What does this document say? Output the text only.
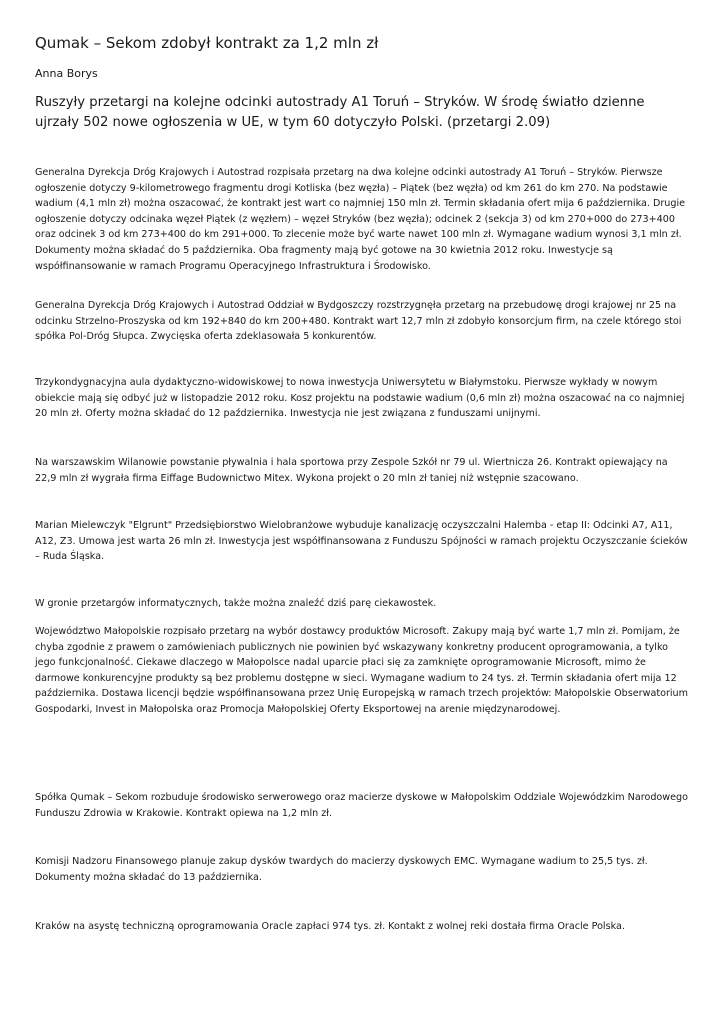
Qumak – Sekom zdobył kontrakt za 1,2 mln zł
Anna Borys
Ruszyły przetargi na kolejne odcinki autostrady A1 Toruń – Stryków. W środę światło dzienne ujrzały 502 nowe ogłoszenia w UE, w tym 60 dotyczyło Polski. (przetargi 2.09)
Generalna Dyrekcja Dróg Krajowych i Autostrad rozpisała przetarg na dwa kolejne odcinki autostrady A1 Toruń – Stryków. Pierwsze ogłoszenie dotyczy 9-kilometrowego fragmentu drogi Kotliska (bez węzła) – Piątek (bez węzła) od km 261 do km 270. Na podstawie wadium (4,1 mln zł) można oszacować, że kontrakt jest wart co najmniej 150 mln zł. Termin składania ofert mija 6 października. Drugie ogłoszenie dotyczy odcinaka węzeł Piątek (z węzłem) – węzeł Stryków (bez węzła); odcinek 2 (sekcja 3) od km 270+000 do 273+400 oraz odcinek 3 od km 273+400 do km 291+000. To zlecenie może być warte nawet 100 mln zł. Wymagane wadium wynosi 3,1 mln zł. Dokumenty można składać do 5 października. Oba fragmenty mają być gotowe na 30 kwietnia 2012 roku. Inwestycje są współfinansowanie w ramach Programu Operacyjnego Infrastruktura i Środowisko.
Generalna Dyrekcja Dróg Krajowych i Autostrad Oddział w Bydgoszczy rozstrzygnęła przetarg na przebudowę drogi krajowej nr 25 na odcinku Strzelno-Proszyska od km 192+840 do km 200+480. Kontrakt wart 12,7 mln zł zdobyło konsorcjum firm, na czele którego stoi spółka Pol-Dróg Słupca. Zwycięska oferta zdeklasowała 5 konkurentów.
Trzykondygnacyjna aula dydaktyczno-widowiskowej to nowa inwestycja Uniwersytetu w Białymstoku. Pierwsze wykłady w nowym obiekcie mają się odbyć już w listopadzie 2012 roku. Kosz projektu na podstawie wadium (0,6 mln zł) można oszacować na co najmniej 20 mln zł. Oferty można składać do 12 października. Inwestycja nie jest związana z funduszami unijnymi.
Na warszawskim Wilanowie powstanie pływalnia i hala sportowa przy Zespole Szkół nr 79 ul. Wiertnicza 26. Kontrakt opiewający na 22,9 mln zł wygrała firma Eiffage Budownictwo Mitex. Wykona projekt o 20 mln zł taniej niż wstępnie szacowano.
Marian Mielewczyk "Elgrunt" Przedsiębiorstwo Wielobranżowe wybuduje kanalizację oczyszczalni Halemba - etap II: Odcinki A7, A11, A12, Z3. Umowa jest warta 26 mln zł. Inwestycja jest współfinansowana z Funduszu Spójności w ramach projektu Oczyszczanie ścieków – Ruda Śląska.
W gronie przetargów informatycznych, także można znaleźć dziś parę ciekawostek.
Województwo Małopolskie rozpisało przetarg na wybór dostawcy produktów Microsoft. Zakupy mają być warte 1,7 mln zł. Pomijam, że chyba zgodnie z prawem o zamówieniach publicznych nie powinien być wskazywany konkretny producent oprogramowania, a tylko jego funkcjonalność. Ciekawe dlaczego w Małopolsce nadal uparcie płaci się za zamknięte oprogramowanie Microsoft, mimo że darmowe konkurencyjne produkty są bez problemu dostępne w sieci. Wymagane wadium to 24 tys. zł. Termin składania ofert mija 12 października. Dostawa licencji będzie współfinansowana przez Unię Europejską w ramach trzech projektów: Małopolskie Obserwatorium Gospodarki, Invest in Małopolska oraz Promocja Małopolskiej Oferty Eksportowej na arenie międzynarodowej.
Spółka Qumak – Sekom rozbuduje środowisko serwerowego oraz macierze dyskowe w Małopolskim Oddziale Wojewódzkim Narodowego Funduszu Zdrowia w Krakowie. Kontrakt opiewa na 1,2 mln zł.
Komisji Nadzoru Finansowego planuje zakup dysków twardych do macierzy dyskowych EMC. Wymagane wadium to 25,5 tys. zł. Dokumenty można składać do 13 października.
Kraków na asystę techniczną oprogramowania Oracle zapłaci 974 tys. zł. Kontakt z wolnej reki dostała firma Oracle Polska.
